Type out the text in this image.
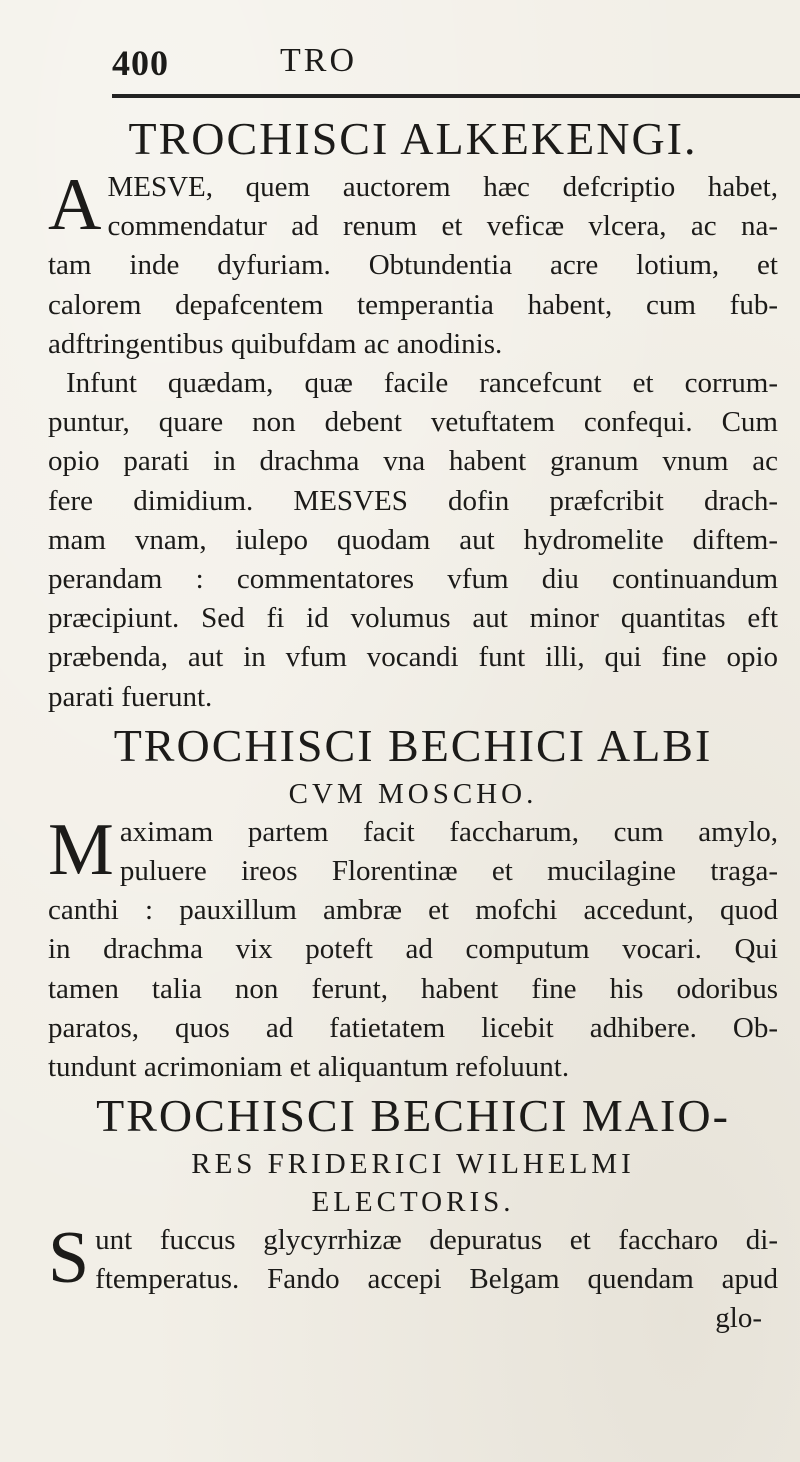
400	TRO
TROCHISCI ALKEKENGI.

AMESVE, quem auctorem hæc defcriptio habet,

commendatur ad renum et veficæ vlcera, ac na-

tam inde dyfuriam. Obtundentia acre lotium, et

calorem depafcentem temperantia habent, cum fub-

adftringentibus quibufdam ac anodinis.

Infunt quædam, quæ facile rancefcunt et corrum-

puntur, quare non debent vetuftatem confequi. Cum

opio parati in drachma vna habent granum vnum ac

fere dimidium. MESVES dofin præfcribit drach-

mam vnam, iulepo quodam aut hydromelite diftem-

perandam : commentatores vfum diu continuandum

præcipiunt. Sed fi id volumus aut minor quantitas eft

præbenda, aut in vfum vocandi funt illi, qui fine opio

parati fuerunt.

TROCHISCI BECHICI ALBI
CVM MOSCHO.

Maximam partem facit faccharum, cum amylo,

puluere ireos Florentinæ et mucilagine traga-

canthi : pauxillum ambræ et mofchi accedunt, quod

in drachma vix poteft ad computum vocari. Qui

tamen talia non ferunt, habent fine his odoribus

paratos, quos ad fatietatem licebit adhibere. Ob-

tundunt acrimoniam et aliquantum refoluunt.

TROCHISCI BECHICI MAIO-
RES FRIDERICI WILHELMI
ELECTORIS.

Sunt fuccus glycyrrhizæ depuratus et faccharo di-

ftemperatus. Fando accepi Belgam quendam apud

glo-
